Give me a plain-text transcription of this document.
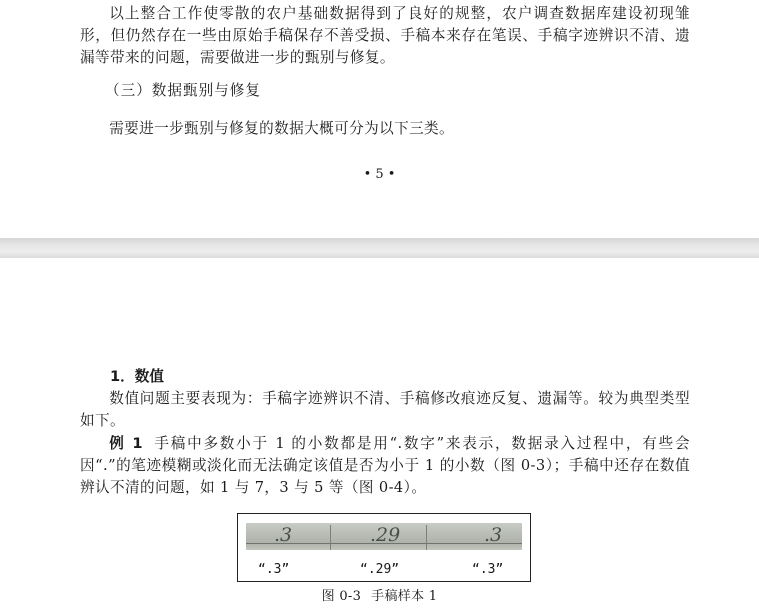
以上整合工作使零散的农户基础数据得到了良好的规整，农户调查数据库建设初现雏形，但仍然存在一些由原始手稿保存不善受损、手稿本来存在笔误、手稿字迹辨识不清、遗漏等带来的问题，需要做进一步的甄别与修复。

（三）数据甄别与修复

需要进一步甄别与修复的数据大概可分为以下三类。

• 5 •

1．数值

数值问题主要表现为：手稿字迹辨识不清、手稿修改痕迹反复、遗漏等。较为典型类型如下。

例 1 手稿中多数小于 1 的小数都是用“.数字”来表示，数据录入过程中，有些会因“.”的笔迹模糊或淡化而无法确定该值是否为小于 1 的小数（图 0-3）；手稿中还存在数值辨认不清的问题，如 1 与 7，3 与 5 等（图 0-4）。

.3	.29	.3
“.3”	“.29”	“.3”

图 0-3 手稿样本 1
